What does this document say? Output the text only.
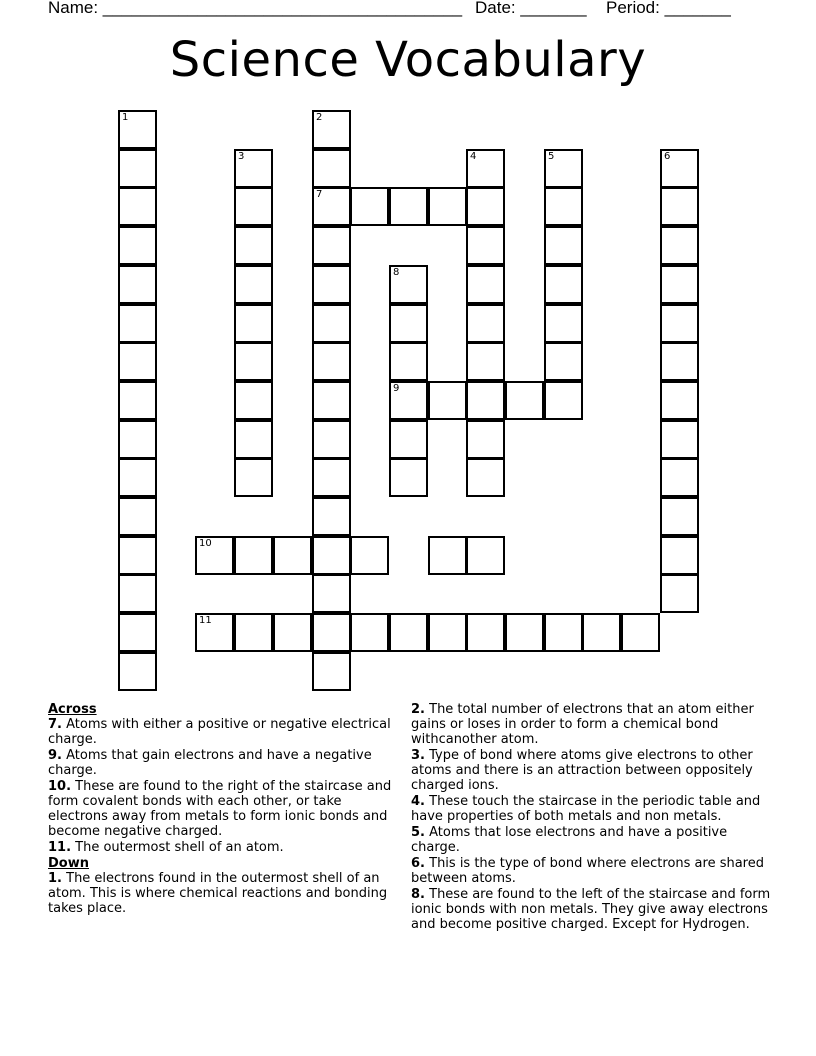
Name: ______________________________________ Date: _______ Period: _______
Science Vocabulary
1	2
7
3
8
9
4	5	6
10
11
Across
7. Atoms with either a positive or negative electrical charge.
9. Atoms that gain electrons and have a negative charge.
10. These are found to the right of the staircase and form covalent bonds with each other, or take electrons away from metals to form ionic bonds and become negative charged.
11. The outermost shell of an atom.
Down
1. The electrons found in the outermost shell of an atom. This is where chemical reactions and bonding takes place.
2. The total number of electrons that an atom either gains or loses in order to form a chemical bond withcanother atom.
3. Type of bond where atoms give electrons to other atoms and there is an attraction between oppositely charged ions.
4. These touch the staircase in the periodic table and have properties of both metals and non metals.
5. Atoms that lose electrons and have a positive charge.
6. This is the type of bond where electrons are shared between atoms.
8. These are found to the left of the staircase and form ionic bonds with non metals. They give away electrons and become positive charged. Except for Hydrogen.
